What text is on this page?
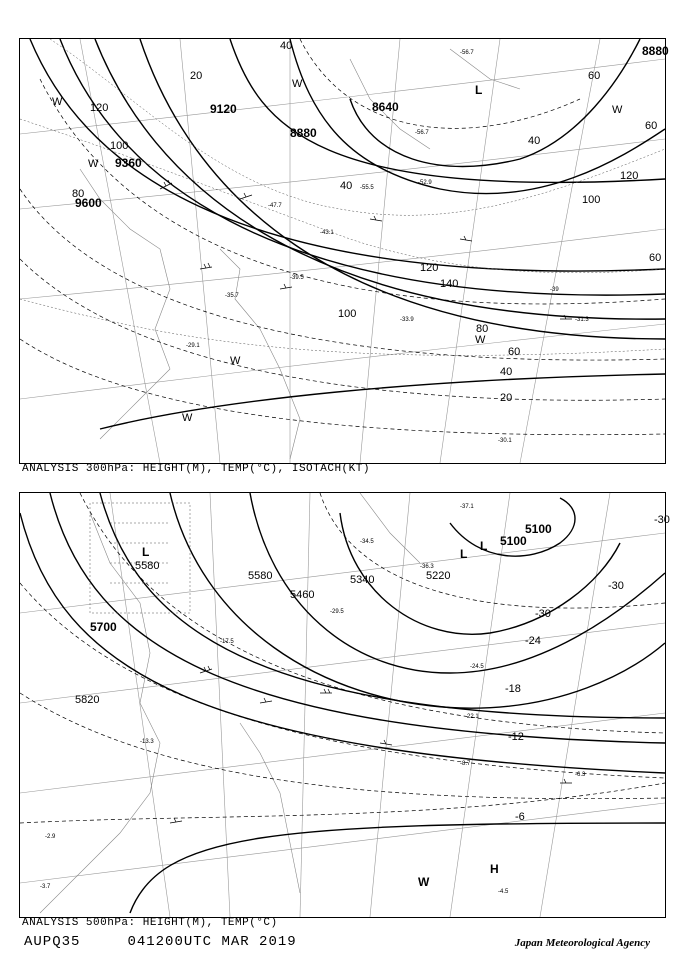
8880
8640
8880
9120
9360
9600
20
40
40
40
60
60
120
100
60
120
100
80
140
120
100
80
60
40
20
L
-56.7
-56.7
-55.5
-52.9
-47.7
-43.1
-39.5
-35.7
-33.9	-31.3
-30.1
-29.1
-39
W
W
W
W
W
W
W
ANALYSIS 300hPa: HEIGHT(M), TEMP(°C), ISOTACH(KT)
5100
5100
5220
5340
5460
5580
5580
5700
5820
-30
-30
-30
-24
-18
-12
-6
L	L
L
H
W
-37.1
-36.3
-34.5
-29.5
-24.5
-22.1
-17.5
-13.3
-8.7
-6.3
-4.5
-3.7
-2.9
ANALYSIS 500hPa: HEIGHT(M), TEMP(°C)
AUPQ35	041200UTC MAR 2019	Japan Meteorological Agency
